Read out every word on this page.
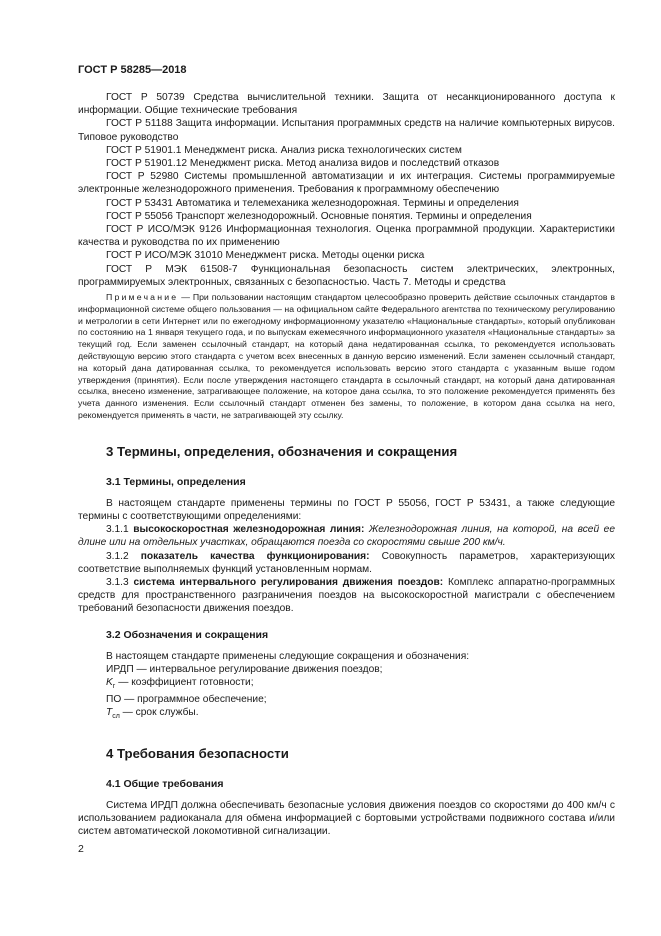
ГОСТ Р 58285—2018

ГОСТ Р 50739 Средства вычислительной техники. Защита от несанкционированного доступа к информации. Общие технические требования

ГОСТ Р 51188 Защита информации. Испытания программных средств на наличие компьютерных вирусов. Типовое руководство

ГОСТ Р 51901.1 Менеджмент риска. Анализ риска технологических систем

ГОСТ Р 51901.12 Менеджмент риска. Метод анализа видов и последствий отказов

ГОСТ Р 52980 Системы промышленной автоматизации и их интеграция. Системы программируемые электронные железнодорожного применения. Требования к программному обеспечению

ГОСТ Р 53431 Автоматика и телемеханика железнодорожная. Термины и определения

ГОСТ Р 55056 Транспорт железнодорожный. Основные понятия. Термины и определения

ГОСТ Р ИСО/МЭК 9126 Информационная технология. Оценка программной продукции. Характеристики качества и руководства по их применению

ГОСТ Р ИСО/МЭК 31010 Менеджмент риска. Методы оценки риска

ГОСТ Р МЭК 61508-7 Функциональная безопасность систем электрических, электронных, программируемых электронных, связанных с безопасностью. Часть 7. Методы и средства

Примечание — При пользовании настоящим стандартом целесообразно проверить действие ссылочных стандартов в информационной системе общего пользования — на официальном сайте Федерального агентства по техническому регулированию и метрологии в сети Интернет или по ежегодному информационному указателю «Национальные стандарты», который опубликован по состоянию на 1 января текущего года, и по выпускам ежемесячного информационного указателя «Национальные стандарты» за текущий год. Если заменен ссылочный стандарт, на который дана недатированная ссылка, то рекомендуется использовать действующую версию этого стандарта с учетом всех внесенных в данную версию изменений. Если заменен ссылочный стандарт, на который дана датированная ссылка, то рекомендуется использовать версию этого стандарта с указанным выше годом утверждения (принятия). Если после утверждения настоящего стандарта в ссылочный стандарт, на который дана датированная ссылка, внесено изменение, затрагивающее положение, на которое дана ссылка, то это положение рекомендуется применять без учета данного изменения. Если ссылочный стандарт отменен без замены, то положение, в котором дана ссылка на него, рекомендуется применять в части, не затрагивающей эту ссылку.

3 Термины, определения, обозначения и сокращения
3.1 Термины, определения

В настоящем стандарте применены термины по ГОСТ Р 55056, ГОСТ Р 53431, а также следующие термины с соответствующими определениями:

3.1.1 высокоскоростная железнодорожная линия: Железнодорожная линия, на которой, на всей ее длине или на отдельных участках, обращаются поезда со скоростями свыше 200 км/ч.

3.1.2 показатель качества функционирования: Совокупность параметров, характеризующих соответствие выполняемых функций установленным нормам.

3.1.3 система интервального регулирования движения поездов: Комплекс аппаратно-программных средств для пространственного разграничения поездов на высокоскоростной магистрали с обеспечением требований безопасности движения поездов.

3.2 Обозначения и сокращения

В настоящем стандарте применены следующие сокращения и обозначения:

ИРДП — интервальное регулирование движения поездов;

$K_г$ — коэффициент готовности;

ПО — программное обеспечение;

$T_{сл}$ — срок службы.

4 Требования безопасности
4.1 Общие требования

Система ИРДП должна обеспечивать безопасные условия движения поездов со скоростями до 400 км/ч с использованием радиоканала для обмена информацией с бортовыми устройствами подвижного состава и/или систем автоматической локомотивной сигнализации.

2
